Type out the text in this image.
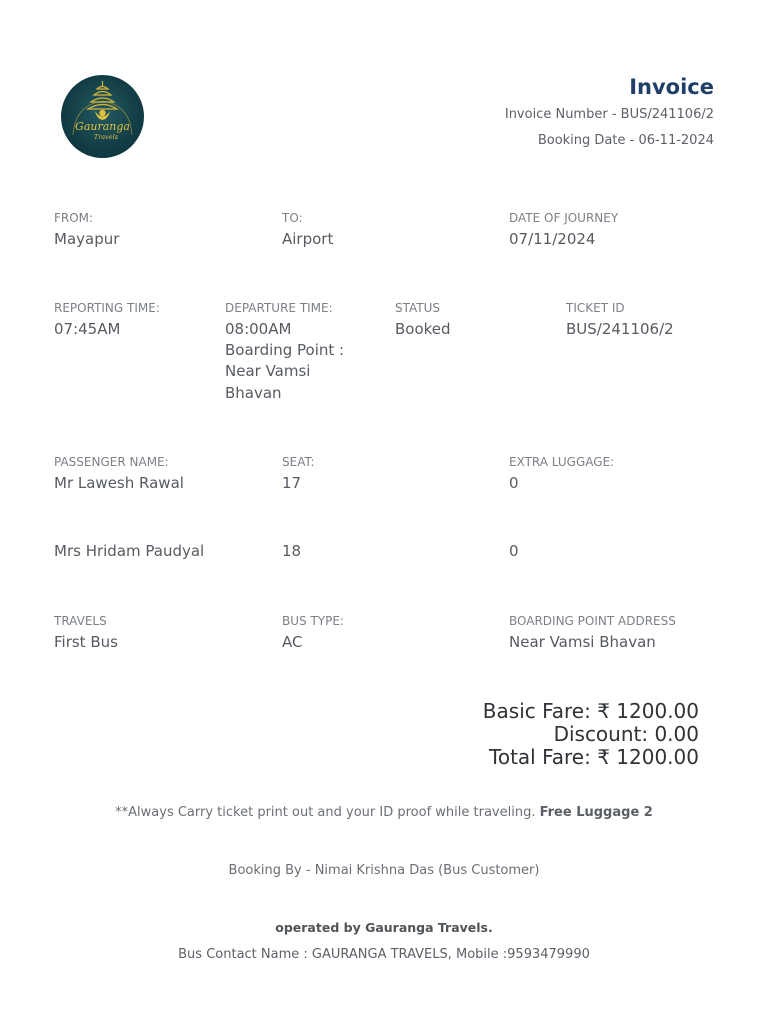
Gauranga
Travels
Invoice
Invoice Number - BUS/241106/2
Booking Date - 06-11-2024
FROM:
Mayapur
TO:
Airport
DATE OF JOURNEY
07/11/2024
REPORTING TIME:
07:45AM
DEPARTURE TIME:
08:00AM
Boarding Point :
Near Vamsi
Bhavan
STATUS
Booked
TICKET ID
BUS/241106/2
PASSENGER NAME:	SEAT:	EXTRA LUGGAGE:
Mr Lawesh Rawal	17	0
Mrs Hridam Paudyal	18	0
TRAVELS
First Bus
BUS TYPE:
AC
BOARDING POINT ADDRESS
Near Vamsi Bhavan
Basic Fare: ₹ 1200.00
Discount: 0.00
Total Fare: ₹ 1200.00
**Always Carry ticket print out and your ID proof while traveling. Free Luggage 2
Booking By - Nimai Krishna Das (Bus Customer)
operated by Gauranga Travels.
Bus Contact Name : GAURANGA TRAVELS, Mobile :9593479990
